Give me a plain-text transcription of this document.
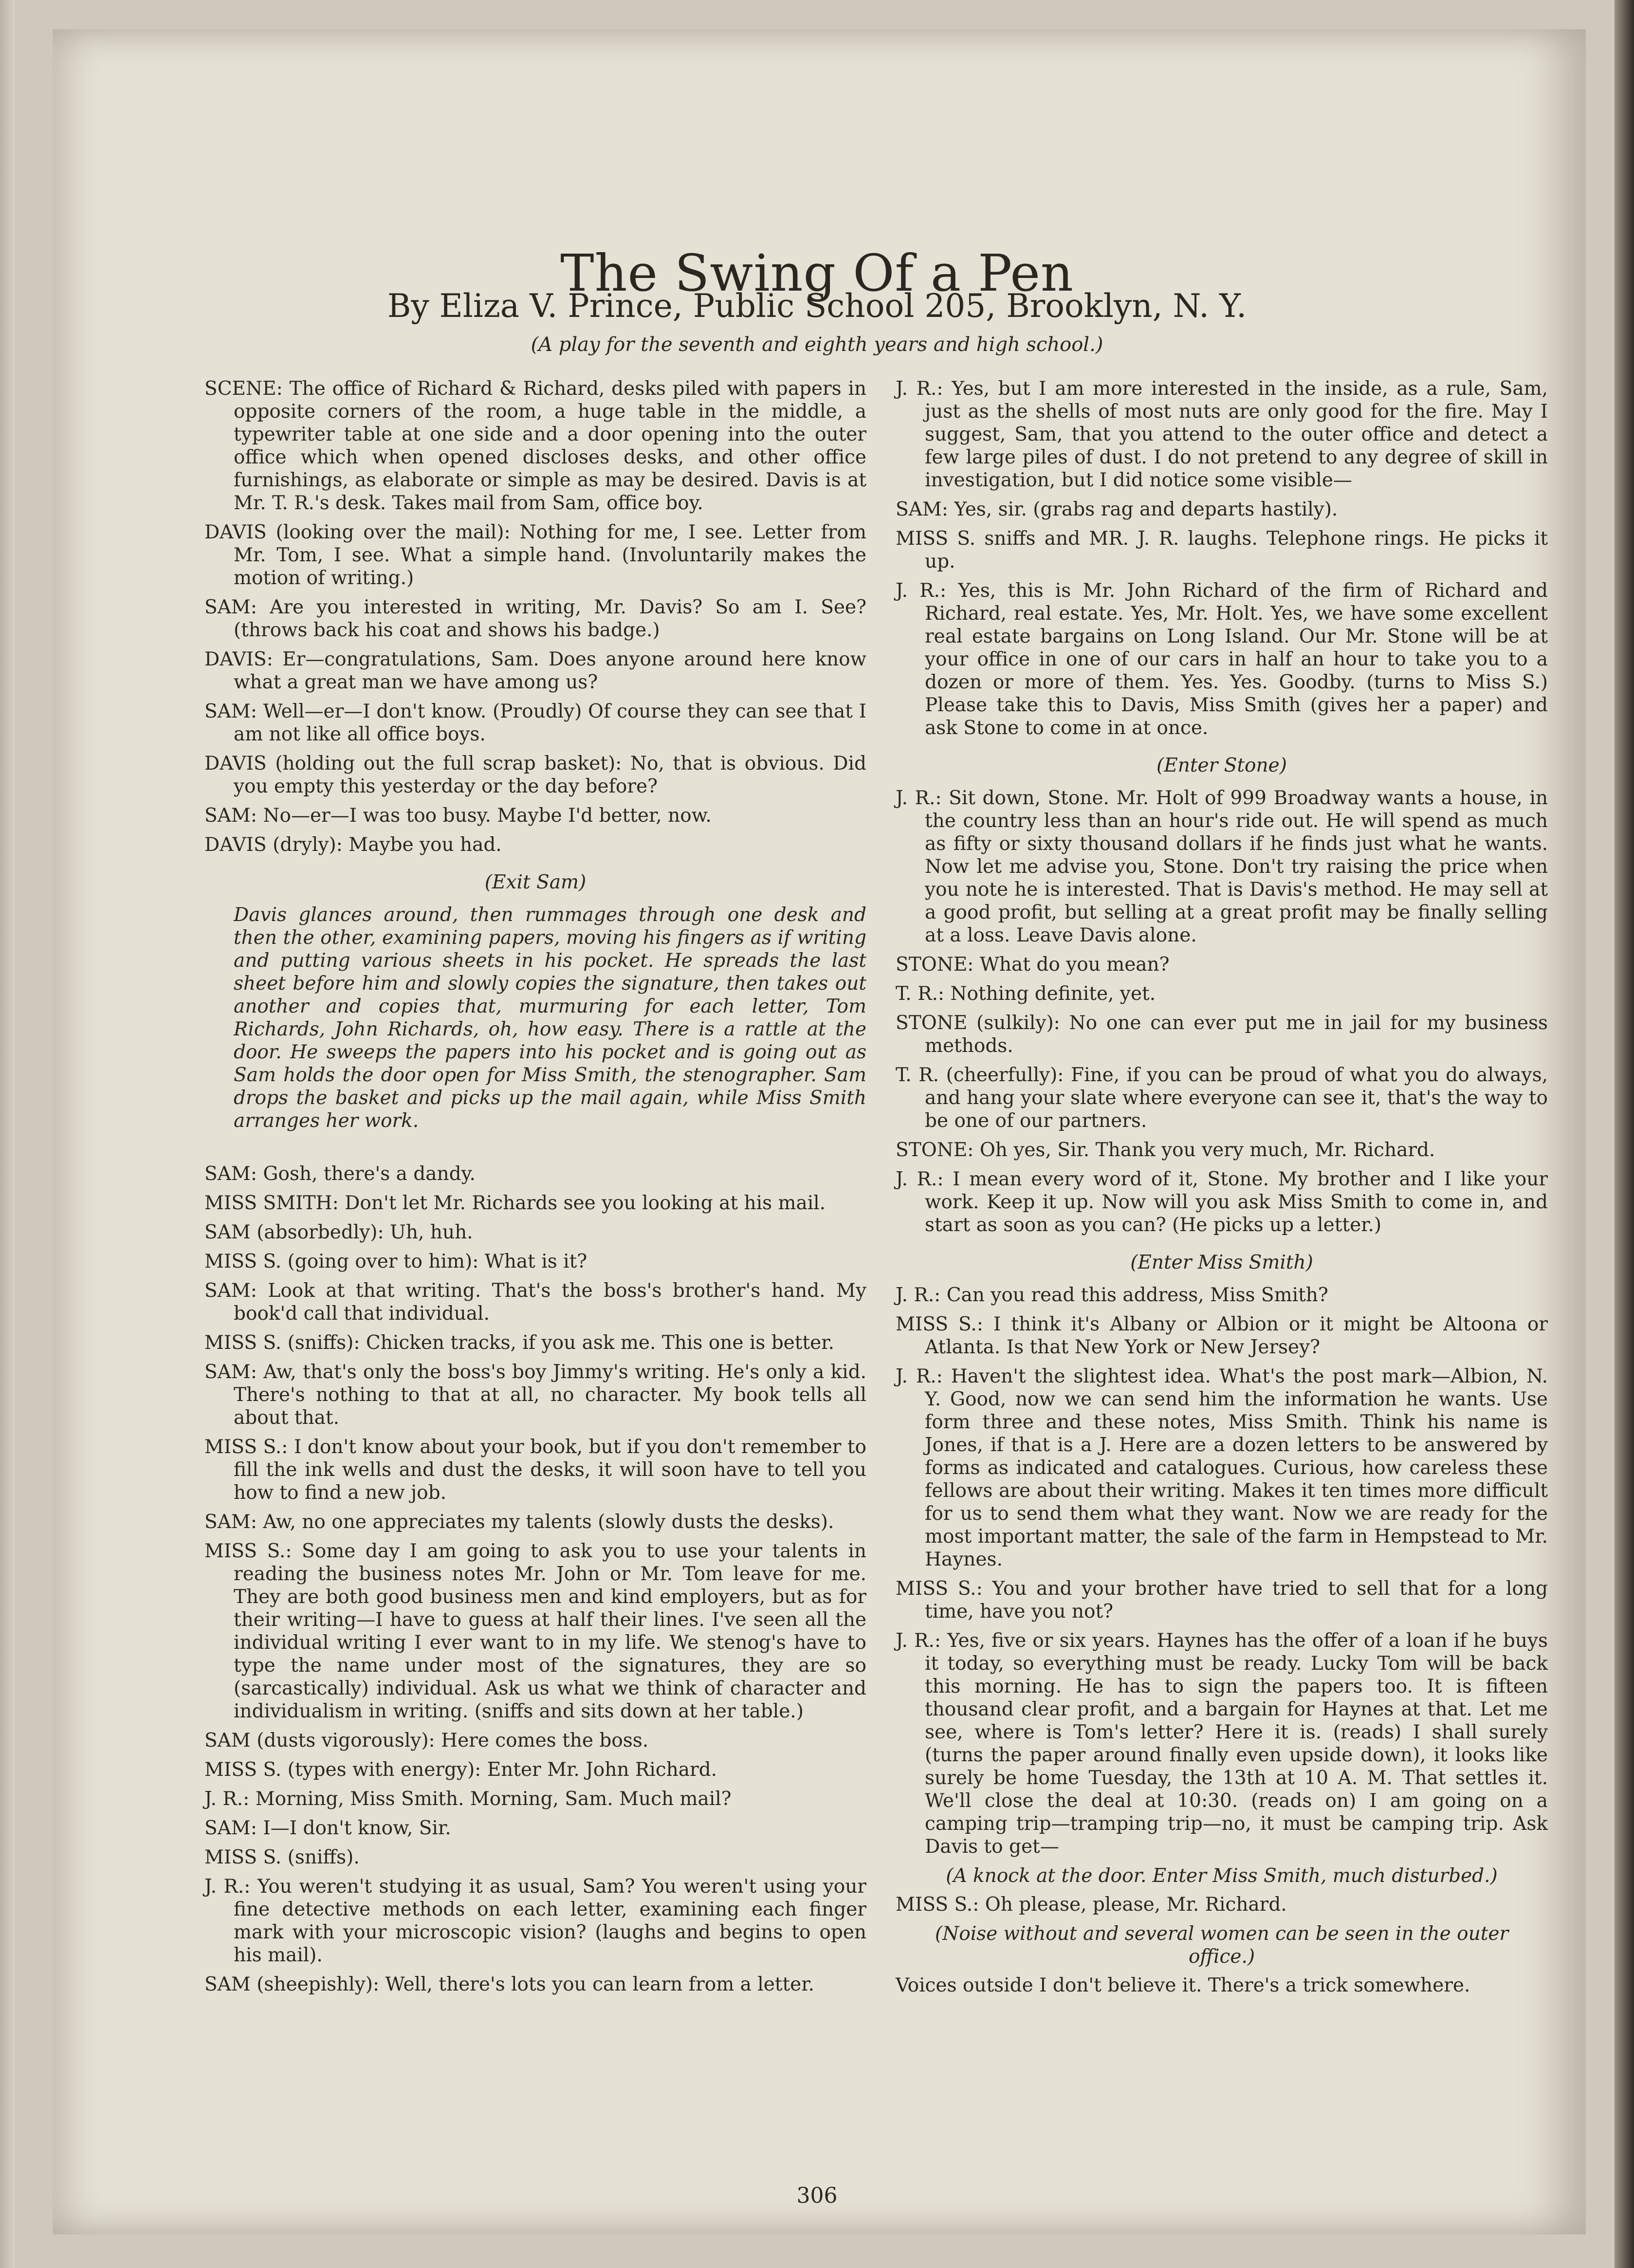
The Swing Of a Pen
By Eliza V. Prince, Public School 205, Brooklyn, N. Y.
(A play for the seventh and eighth years and high school.)

SCENE: The office of Richard & Richard, desks piled with papers in opposite corners of the room, a huge table in the middle, a typewriter table at one side and a door opening into the outer office which when opened discloses desks, and other office furnishings, as elaborate or simple as may be desired. Davis is at Mr. T. R.'s desk. Takes mail from Sam, office boy.

DAVIS (looking over the mail): Nothing for me, I see. Letter from Mr. Tom, I see. What a simple hand. (Involuntarily makes the motion of writing.)

SAM: Are you interested in writing, Mr. Davis? So am I. See? (throws back his coat and shows his badge.)

DAVIS: Er—congratulations, Sam. Does anyone around here know what a great man we have among us?

SAM: Well—er—I don't know. (Proudly) Of course they can see that I am not like all office boys.

DAVIS (holding out the full scrap basket): No, that is obvious. Did you empty this yesterday or the day before?

SAM: No—er—I was too busy. Maybe I'd better, now.

DAVIS (dryly): Maybe you had.

(Exit Sam)

Davis glances around, then rummages through one desk and then the other, examining papers, moving his fingers as if writing and putting various sheets in his pocket. He spreads the last sheet before him and slowly copies the signature, then takes out another and copies that, murmuring for each letter, Tom Richards, John Richards, oh, how easy. There is a rattle at the door. He sweeps the papers into his pocket and is going out as Sam holds the door open for Miss Smith, the stenographer. Sam drops the basket and picks up the mail again, while Miss Smith arranges her work.

SAM: Gosh, there's a dandy.

MISS SMITH: Don't let Mr. Richards see you looking at his mail.

SAM (absorbedly): Uh, huh.

MISS S. (going over to him): What is it?

SAM: Look at that writing. That's the boss's brother's hand. My book'd call that individual.

MISS S. (sniffs): Chicken tracks, if you ask me. This one is better.

SAM: Aw, that's only the boss's boy Jimmy's writing. He's only a kid. There's nothing to that at all, no character. My book tells all about that.

MISS S.: I don't know about your book, but if you don't remember to fill the ink wells and dust the desks, it will soon have to tell you how to find a new job.

SAM: Aw, no one appreciates my talents (slowly dusts the desks).

MISS S.: Some day I am going to ask you to use your talents in reading the business notes Mr. John or Mr. Tom leave for me. They are both good business men and kind employers, but as for their writing—I have to guess at half their lines. I've seen all the individual writing I ever want to in my life. We stenog's have to type the name under most of the signatures, they are so (sarcastically) individual. Ask us what we think of character and individualism in writing. (sniffs and sits down at her table.)

SAM (dusts vigorously): Here comes the boss.

MISS S. (types with energy): Enter Mr. John Richard.

J. R.: Morning, Miss Smith. Morning, Sam. Much mail?

SAM: I—I don't know, Sir.

MISS S. (sniffs).

J. R.: You weren't studying it as usual, Sam? You weren't using your fine detective methods on each letter, examining each finger mark with your microscopic vision? (laughs and begins to open his mail).

SAM (sheepishly): Well, there's lots you can learn from a letter.

J. R.: Yes, but I am more interested in the inside, as a rule, Sam, just as the shells of most nuts are only good for the fire. May I suggest, Sam, that you attend to the outer office and detect a few large piles of dust. I do not pretend to any degree of skill in investigation, but I did notice some visible—

SAM: Yes, sir. (grabs rag and departs hastily).

MISS S. sniffs and MR. J. R. laughs. Telephone rings. He picks it up.

J. R.: Yes, this is Mr. John Richard of the firm of Richard and Richard, real estate. Yes, Mr. Holt. Yes, we have some excellent real estate bargains on Long Island. Our Mr. Stone will be at your office in one of our cars in half an hour to take you to a dozen or more of them. Yes. Yes. Goodby. (turns to Miss S.) Please take this to Davis, Miss Smith (gives her a paper) and ask Stone to come in at once.

(Enter Stone)

J. R.: Sit down, Stone. Mr. Holt of 999 Broadway wants a house, in the country less than an hour's ride out. He will spend as much as fifty or sixty thousand dollars if he finds just what he wants. Now let me advise you, Stone. Don't try raising the price when you note he is interested. That is Davis's method. He may sell at a good profit, but selling at a great profit may be finally selling at a loss. Leave Davis alone.

STONE: What do you mean?

T. R.: Nothing definite, yet.

STONE (sulkily): No one can ever put me in jail for my business methods.

T. R. (cheerfully): Fine, if you can be proud of what you do always, and hang your slate where everyone can see it, that's the way to be one of our partners.

STONE: Oh yes, Sir. Thank you very much, Mr. Richard.

J. R.: I mean every word of it, Stone. My brother and I like your work. Keep it up. Now will you ask Miss Smith to come in, and start as soon as you can? (He picks up a letter.)

(Enter Miss Smith)

J. R.: Can you read this address, Miss Smith?

MISS S.: I think it's Albany or Albion or it might be Altoona or Atlanta. Is that New York or New Jersey?

J. R.: Haven't the slightest idea. What's the post mark—Albion, N. Y. Good, now we can send him the information he wants. Use form three and these notes, Miss Smith. Think his name is Jones, if that is a J. Here are a dozen letters to be answered by forms as indicated and catalogues. Curious, how careless these fellows are about their writing. Makes it ten times more difficult for us to send them what they want. Now we are ready for the most important matter, the sale of the farm in Hempstead to Mr. Haynes.

MISS S.: You and your brother have tried to sell that for a long time, have you not?

J. R.: Yes, five or six years. Haynes has the offer of a loan if he buys it today, so everything must be ready. Lucky Tom will be back this morning. He has to sign the papers too. It is fifteen thousand clear profit, and a bargain for Haynes at that. Let me see, where is Tom's letter? Here it is. (reads) I shall surely (turns the paper around finally even upside down), it looks like surely be home Tuesday, the 13th at 10 A. M. That settles it. We'll close the deal at 10:30. (reads on) I am going on a camping trip—tramping trip—no, it must be camping trip. Ask Davis to get—

(A knock at the door. Enter Miss Smith, much disturbed.)

MISS S.: Oh please, please, Mr. Richard.

(Noise without and several women can be seen in the outer office.)

Voices outside I don't believe it. There's a trick somewhere.

306
